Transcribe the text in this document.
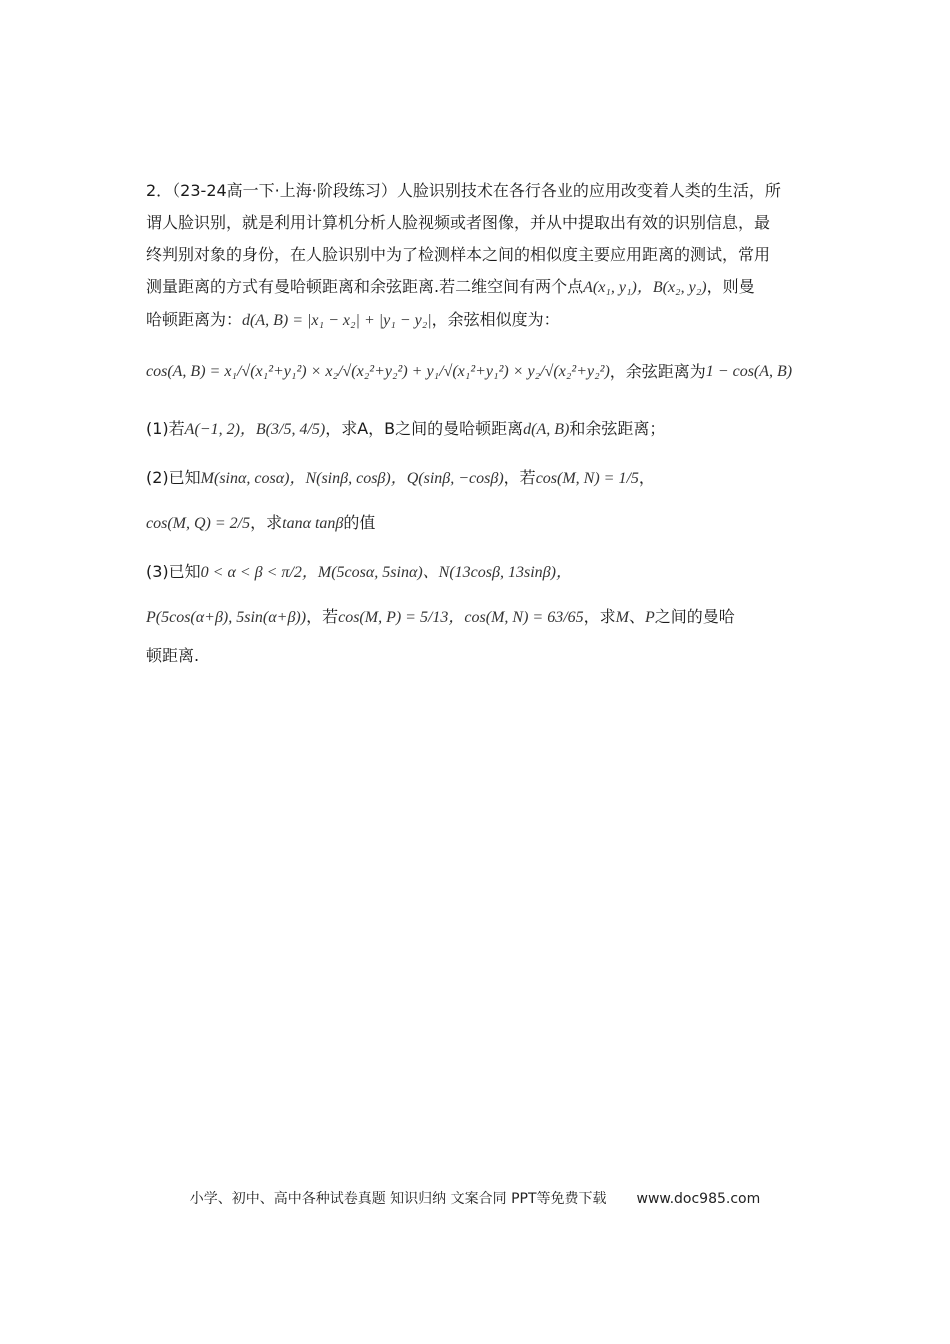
2．（23-24高一下·上海·阶段练习）人脸识别技术在各行各业的应用改变着人类的生活，所
谓人脸识别，就是利用计算机分析人脸视频或者图像，并从中提取出有效的识别信息，最
终判别对象的身份，在人脸识别中为了检测样本之间的相似度主要应用距离的测试，常用
测量距离的方式有曼哈顿距离和余弦距离.若二维空间有两个点A(x₁, y₁)，B(x₂, y₂)，则曼
哈顿距离为：d(A, B) = |x₁ − x₂| + |y₁ − y₂|，余弦相似度为：
cos(A, B) = x₁/√(x₁²+y₁²) × x₂/√(x₂²+y₂²) + y₁/√(x₁²+y₁²) × y₂/√(x₂²+y₂²) ，余弦距离为 1 − cos(A, B)
(1)若A(−1, 2)，B(3/5, 4/5)，求A，B之间的曼哈顿距离d(A, B)和余弦距离；
(2)已知M(sinα, cosα)，N(sinβ, cosβ)，Q(sinβ, −cosβ)，若cos(M, N) = 1/5，
cos(M, Q) = 2/5，求tanα tanβ的值
(3)已知0 < α < β < π/2，M(5cosα, 5sinα)、N(13cosβ, 13sinβ)，
P(5cos(α+β), 5sin(α+β))，若cos(M, P) = 5/13，cos(M, N) = 63/65，求M、P之间的曼哈
顿距离.
小学、初中、高中各种试卷真题 知识归纳 文案合同 PPT等免费下载 www.doc985.com
